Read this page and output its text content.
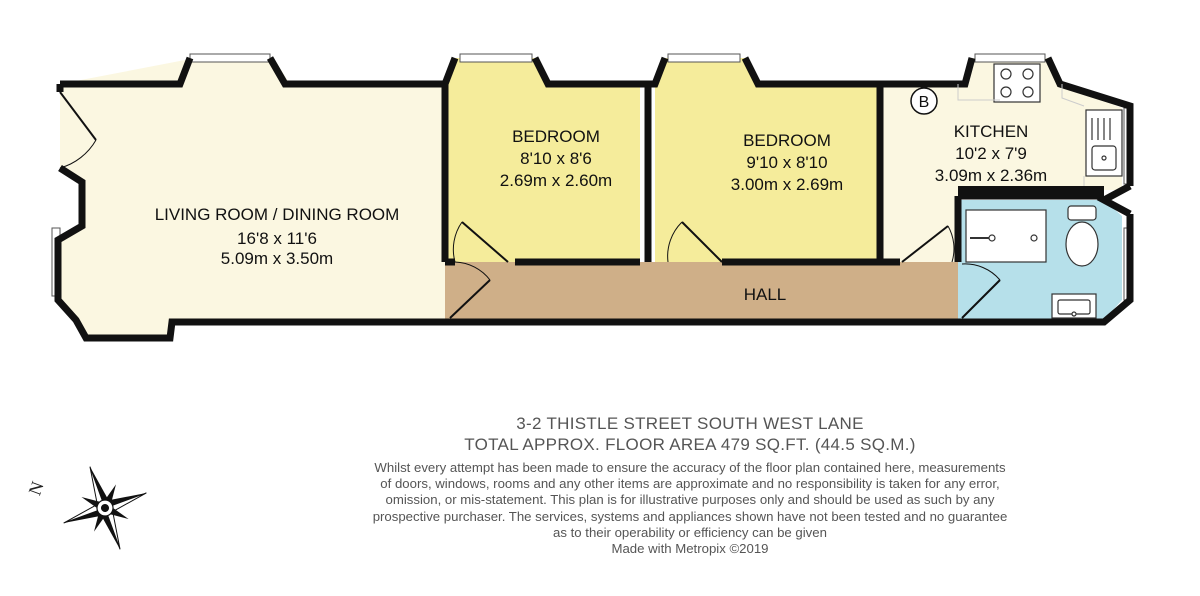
B
LIVING ROOM / DINING ROOM
16'8 x 11'6
5.09m x 3.50m
BEDROOM
8'10 x 8'6
2.69m x 2.60m
BEDROOM
9'10 x 8'10
3.00m x 2.69m
KITCHEN
10'2 x 7'9
3.09m x 2.36m
HALL
N
3-2 THISTLE STREET SOUTH WEST LANE
TOTAL APPROX. FLOOR AREA 479 SQ.FT. (44.5 SQ.M.)
Whilst every attempt has been made to ensure the accuracy of the floor plan contained here, measurements
of doors, windows, rooms and any other items are approximate and no responsibility is taken for any error,
omission, or mis-statement. This plan is for illustrative purposes only and should be used as such by any
prospective purchaser. The services, systems and appliances shown have not been tested and no guarantee
as to their operability or efficiency can be given
Made with Metropix ©2019
